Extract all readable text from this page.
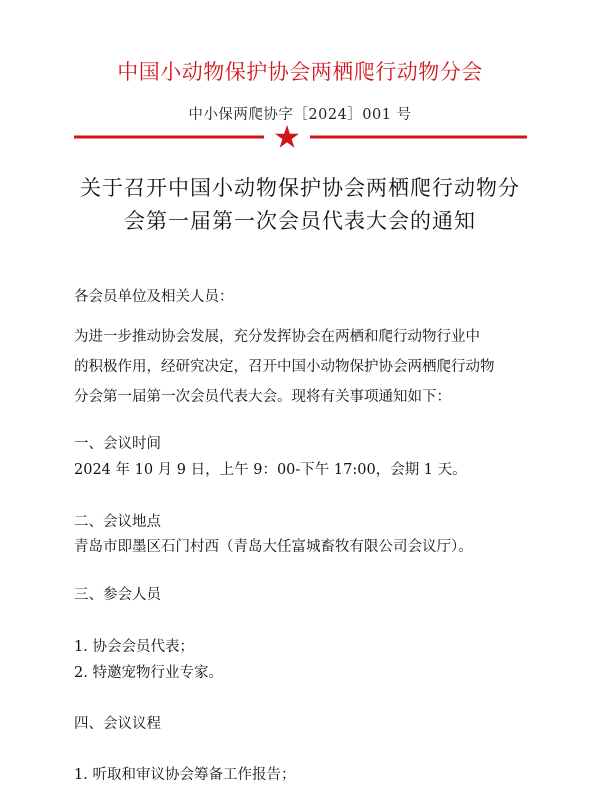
中国小动物保护协会两栖爬行动物分会
中小保两爬协字［2024］001 号
关于召开中国小动物保护协会两栖爬行动物分
会第一届第一次会员代表大会的通知
各会员单位及相关人员：
为进一步推动协会发展，充分发挥协会在两栖和爬行动物行业中
的积极作用，经研究决定，召开中国小动物保护协会两栖爬行动物
分会第一届第一次会员代表大会。现将有关事项通知如下：
一、会议时间
2024 年 10 月 9 日，上午 9：00-下午 17:00，会期 1 天。
二、会议地点
青岛市即墨区石门村西（青岛大任富城畜牧有限公司会议厅）。
三、参会人员
1. 协会会员代表；
2. 特邀宠物行业专家。
四、会议议程
1. 听取和审议协会筹备工作报告；
